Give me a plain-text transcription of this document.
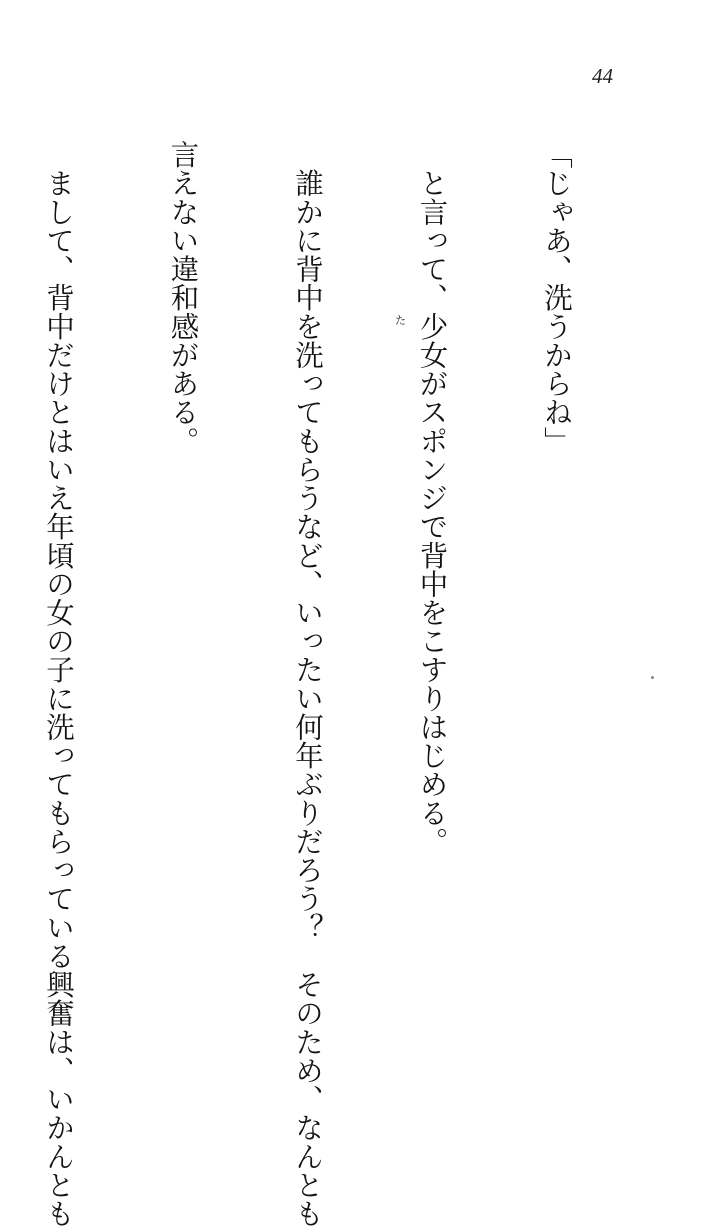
44

「じゃあ、洗うからね」

　と言って、少女がスポンジで背中をこすりはじめる。

　誰かに背中を洗ってもらうなど、いったい何年ぶりだろう？　そのため、なんとも

言えない違和感がある。

　まして、背中だけとはいえ年頃の女の子に洗ってもらっている興奮は、いかんとも

	た
